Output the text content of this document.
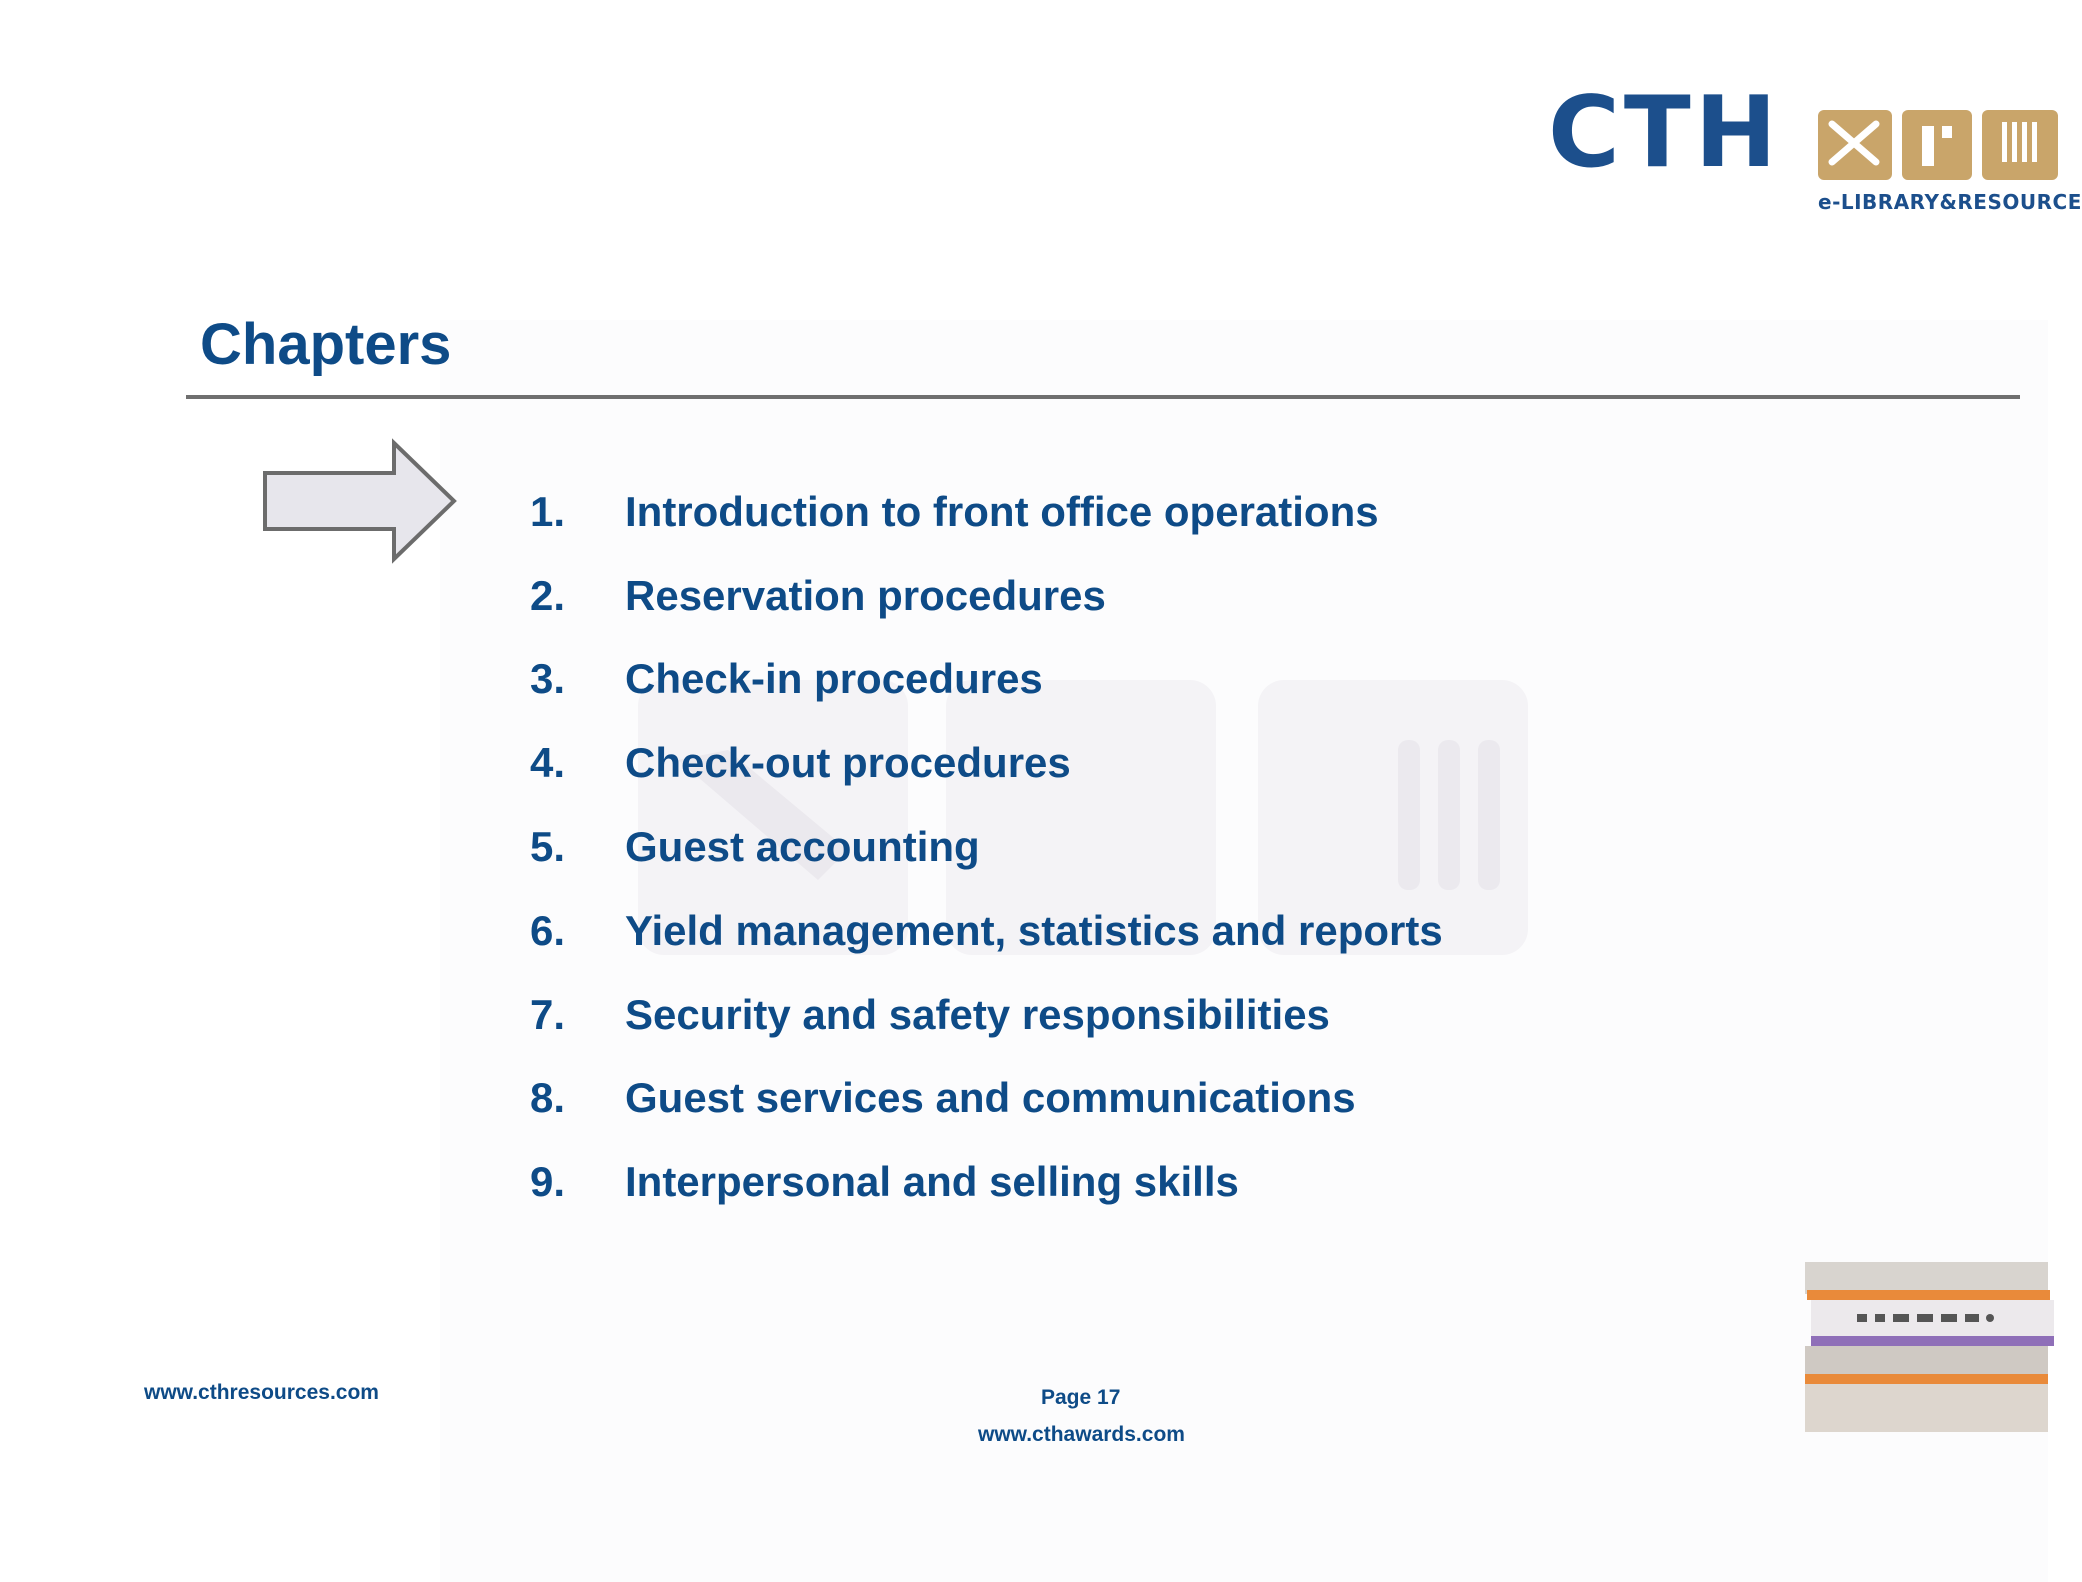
CTH
e-LIBRARY&RESOURCE
Chapters
1.	Introduction to front office operations
2.	Reservation procedures
3.	Check-in procedures
4.	Check-out procedures
5.	Guest accounting
6.	Yield management, statistics and reports
7.	Security and safety responsibilities
8.	Guest services and communications
9.	Interpersonal and selling skills
www.cthresources.com	Page 17
www.cthawards.com
